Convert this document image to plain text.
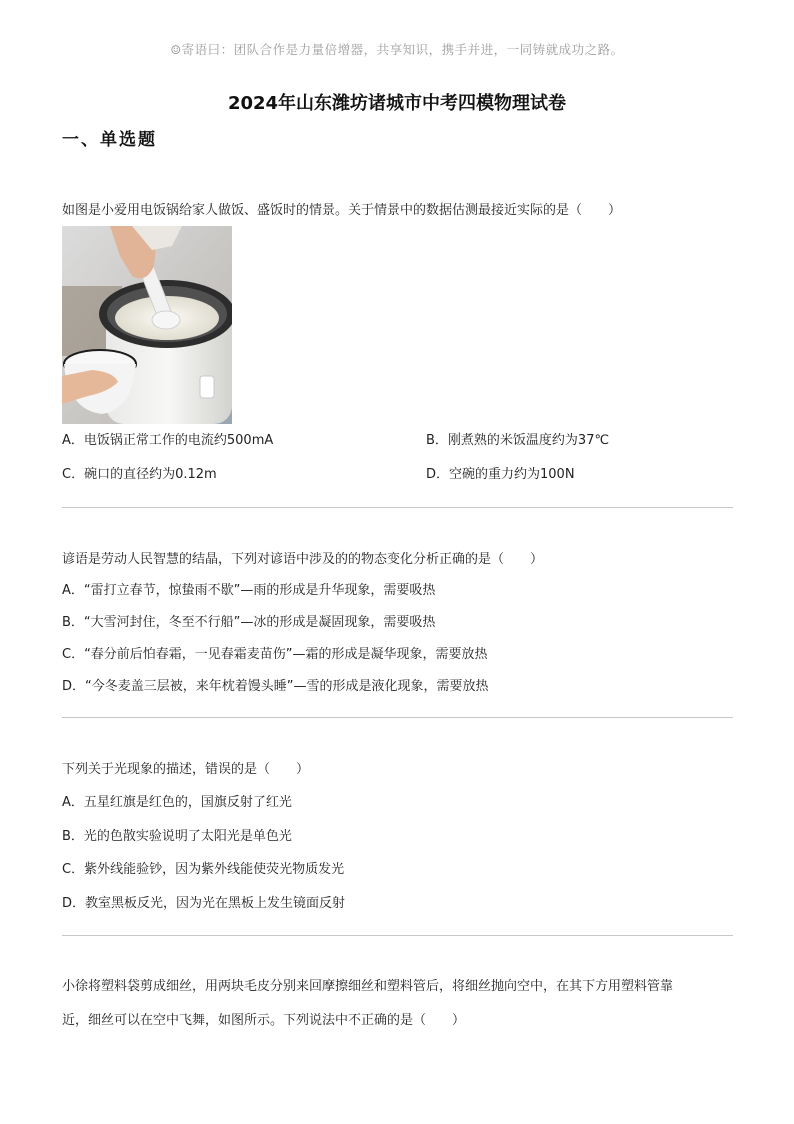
☺寄语曰：团队合作是力量倍增器，共享知识，携手并进，一同铸就成功之路。
2024年山东潍坊诸城市中考四模物理试卷
一、单选题
如图是小爱用电饭锅给家人做饭、盛饭时的情景。关于情景中的数据估测最接近实际的是（　　）
A．电饭锅正常工作的电流约500mA	B．刚煮熟的米饭温度约为37℃
C．碗口的直径约为0.12m	D．空碗的重力约为100N
谚语是劳动人民智慧的结晶，下列对谚语中涉及的的物态变化分析正确的是（　　）
A．“雷打立春节，惊蛰雨不歇”—雨的形成是升华现象，需要吸热
B．“大雪河封住，冬至不行船”—冰的形成是凝固现象，需要吸热
C．“春分前后怕春霜，一见春霜麦苗伤”—霜的形成是凝华现象，需要放热
D．“今冬麦盖三层被，来年枕着馒头睡”—雪的形成是液化现象，需要放热
下列关于光现象的描述，错误的是（　　）
A．五星红旗是红色的，国旗反射了红光
B．光的色散实验说明了太阳光是单色光
C．紫外线能验钞，因为紫外线能使荧光物质发光
D．教室黑板反光，因为光在黑板上发生镜面反射
小徐将塑料袋剪成细丝，用两块毛皮分别来回摩擦细丝和塑料管后，将细丝抛向空中，在其下方用塑料管靠
近，细丝可以在空中飞舞，如图所示。下列说法中不正确的是（　　）
